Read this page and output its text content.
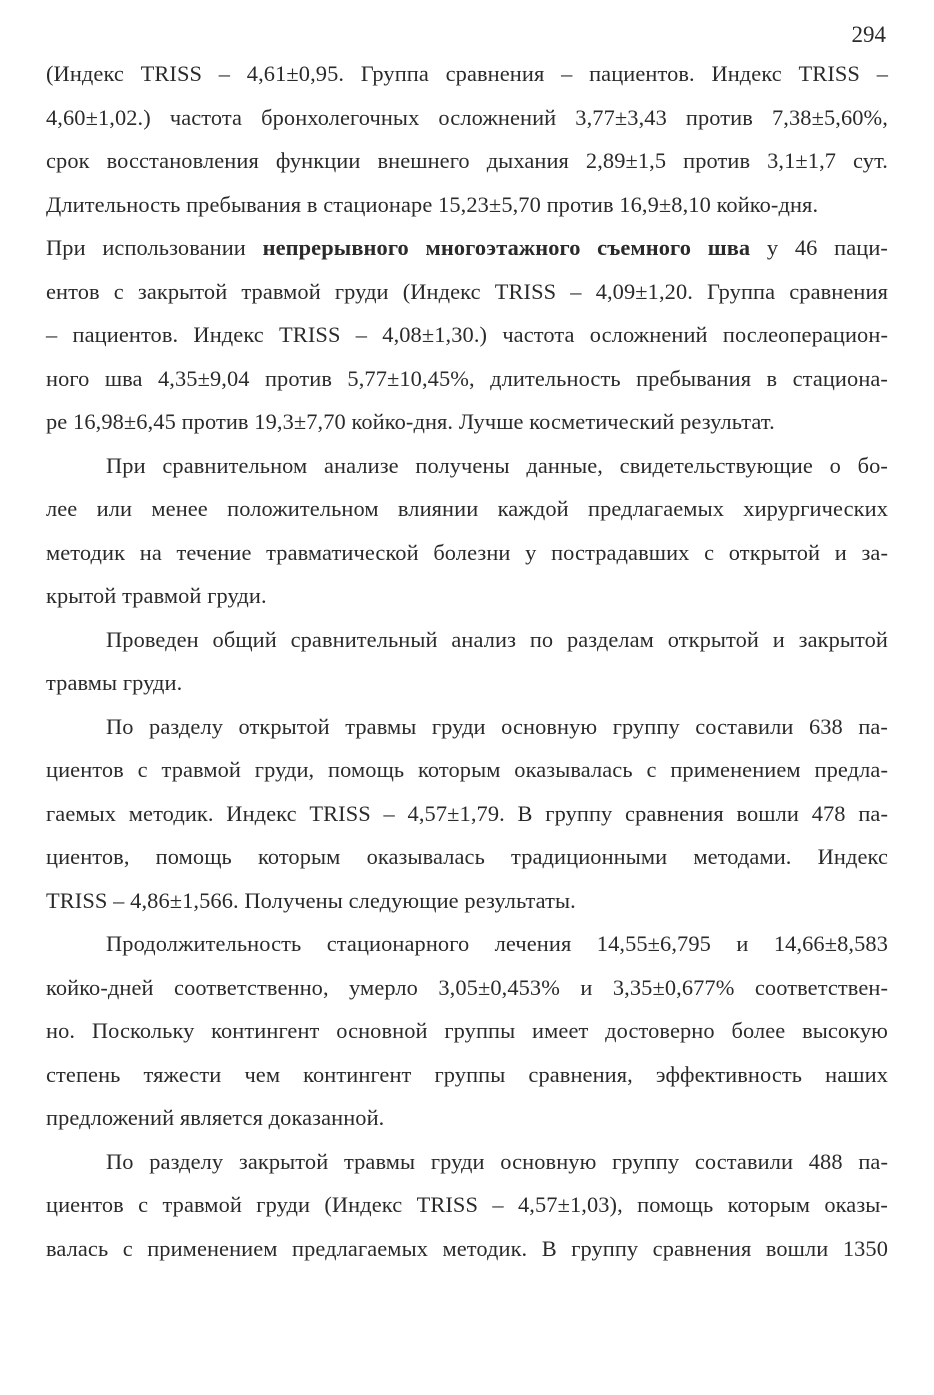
294
(Индекс TRISS – 4,61±0,95. Группа сравнения – пациентов. Индекс TRISS –
4,60±1,02.) частота бронхолегочных осложнений 3,77±3,43 против 7,38±5,60%,
срок восстановления функции внешнего дыхания 2,89±1,5 против 3,1±1,7 сут.
Длительность пребывания в стационаре 15,23±5,70 против 16,9±8,10 койко-дня.
При использовании непрерывного многоэтажного съемного шва у 46 паци-
ентов с закрытой травмой груди (Индекс TRISS – 4,09±1,20. Группа сравнения
– пациентов. Индекс TRISS – 4,08±1,30.) частота осложнений послеоперацион-
ного шва 4,35±9,04 против 5,77±10,45%, длительность пребывания в стациона-
ре 16,98±6,45 против 19,3±7,70 койко-дня. Лучше косметический результат.
При сравнительном анализе получены данные, свидетельствующие о бо-
лее или менее положительном влиянии каждой предлагаемых хирургических
методик на течение травматической болезни у пострадавших с открытой и за-
крытой травмой груди.
Проведен общий сравнительный анализ по разделам открытой и закрытой
травмы груди.
По разделу открытой травмы груди основную группу составили 638 па-
циентов с травмой груди, помощь которым оказывалась с применением предла-
гаемых методик. Индекс TRISS – 4,57±1,79. В группу сравнения вошли 478 па-
циентов, помощь которым оказывалась традиционными методами. Индекс
TRISS – 4,86±1,566. Получены следующие результаты.
Продолжительность стационарного лечения 14,55±6,795 и 14,66±8,583
койко-дней соответственно, умерло 3,05±0,453% и 3,35±0,677% соответствен-
но. Поскольку контингент основной группы имеет достоверно более высокую
степень тяжести чем контингент группы сравнения, эффективность наших
предложений является доказанной.
По разделу закрытой травмы груди основную группу составили 488 па-
циентов с травмой груди (Индекс TRISS – 4,57±1,03), помощь которым оказы-
валась с применением предлагаемых методик. В группу сравнения вошли 1350
